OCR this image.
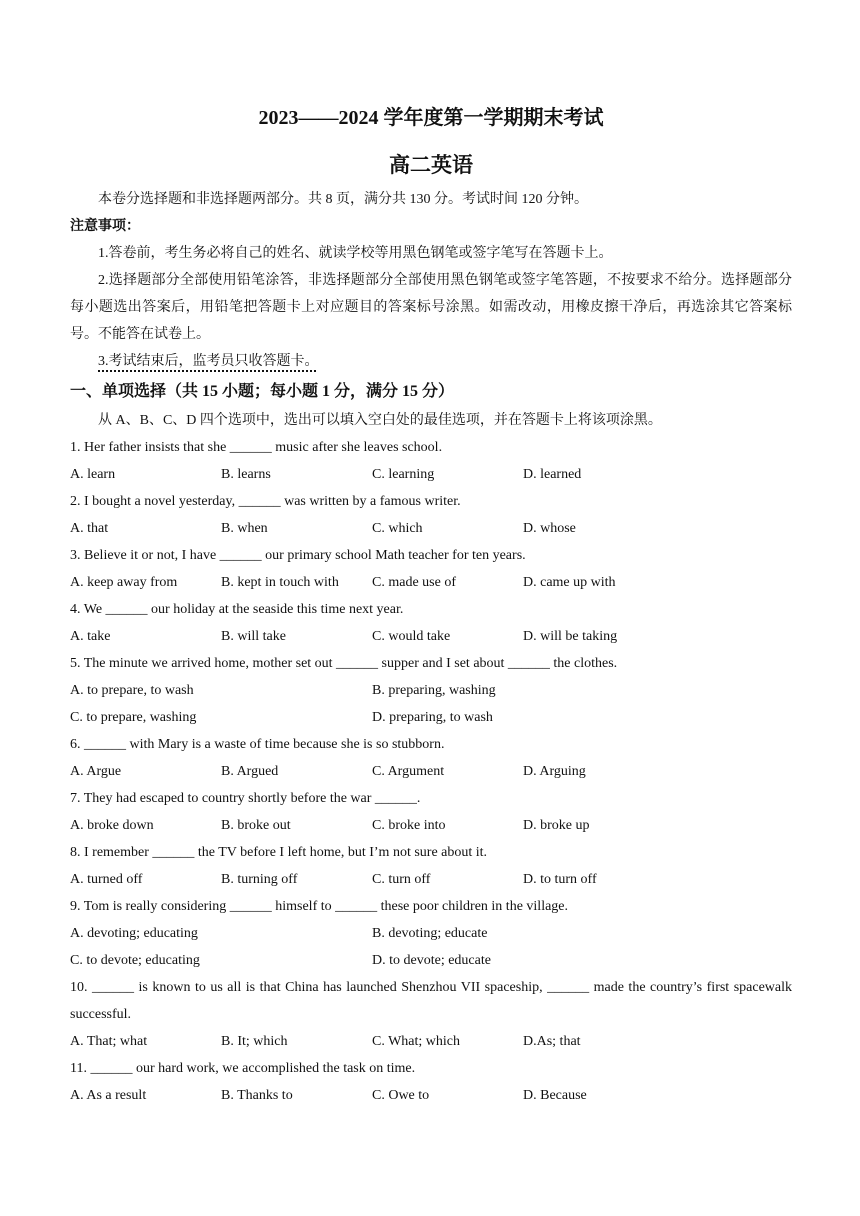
2023——2024 学年度第一学期期末考试
高二英语
本卷分选择题和非选择题两部分。共 8 页，满分共 130 分。考试时间 120 分钟。
注意事项：
1.答卷前，考生务必将自己的姓名、就读学校等用黑色钢笔或签字笔写在答题卡上。
2.选择题部分全部使用铅笔涂答，非选择题部分全部使用黑色钢笔或签字笔答题，不按要求不给分。选择题部分每小题选出答案后，用铅笔把答题卡上对应题目的答案标号涂黑。如需改动，用橡皮擦干净后，再选涂其它答案标号。不能答在试卷上。
3.考试结束后，监考员只收答题卡。
一、单项选择（共 15 小题；每小题 1 分，满分 15 分）
从 A、B、C、D 四个选项中，选出可以填入空白处的最佳选项，并在答题卡上将该项涂黑。
1. Her father insists that she ______ music after she leaves school.
A. learn	B. learns	C. learning	D. learned
2. I bought a novel yesterday, ______ was written by a famous writer.
A. that	B. when	C. which	D. whose
3. Believe it or not, I have ______ our primary school Math teacher for ten years.
A. keep away from	B. kept in touch with	C. made use of	D. came up with
4. We ______ our holiday at the seaside this time next year.
A. take	B. will take	C. would take	D. will be taking
5. The minute we arrived home, mother set out ______ supper and I set about ______ the clothes.
A. to prepare, to wash	B. preparing, washing
C. to prepare, washing	D. preparing, to wash
6. ______ with Mary is a waste of time because she is so stubborn.
A. Argue	B. Argued	C. Argument	D. Arguing
7. They had escaped to country shortly before the war ______.
A. broke down	B. broke out	C. broke into	D. broke up
8. I remember ______ the TV before I left home, but I’m not sure about it.
A. turned off	B. turning off	C. turn off	D. to turn off
9. Tom is really considering ______ himself to ______ these poor children in the village.
A. devoting; educating	B. devoting; educate
C. to devote; educating	D. to devote; educate
10. ______ is known to us all is that China has launched Shenzhou VII spaceship, ______ made the country’s first spacewalk successful.
A. That; what	B. It; which	C. What; which	D.As; that
11. ______ our hard work, we accomplished the task on time.
A. As a result	B. Thanks to	C. Owe to	D. Because
